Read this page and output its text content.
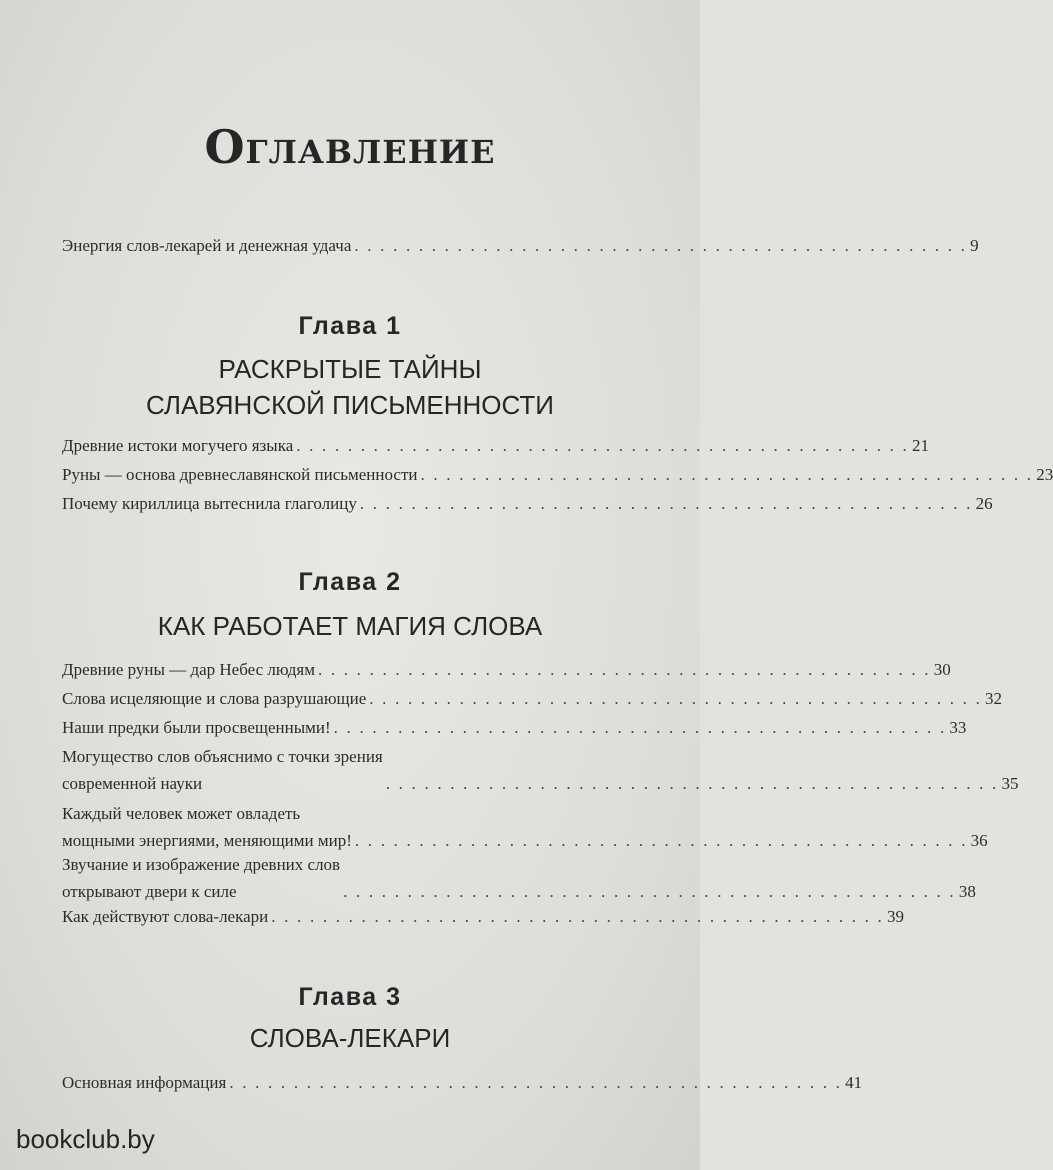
Оглавление
Энергия слов-лекарей и денежная удача . . . . . . . . . . . . . . . . . . . . . . . . . . . . . . . . . . . . . . . . . . . . . . . . 9
Глава 1
РАСКРЫТЫЕ ТАЙНЫ
СЛАВЯНСКОЙ ПИСЬМЕННОСТИ
Древние истоки могучего языка . . . . . . . . . . . . . . . . . . . . . . . . . . . . . . . . . . . . . . . . . . . . . . . . 21
Руны — основа древнеславянской письменности . . . . . . . . . . . . . . . . . . . . . . . . . . . . . . . . . . . . . . . . . . . . . . . . 23
Почему кириллица вытеснила глаголицу . . . . . . . . . . . . . . . . . . . . . . . . . . . . . . . . . . . . . . . . . . . . . . . . 26
Глава 2
КАК РАБОТАЕТ МАГИЯ СЛОВА
Древние руны — дар Небес людям . . . . . . . . . . . . . . . . . . . . . . . . . . . . . . . . . . . . . . . . . . . . . . . . 30
Слова исцеляющие и слова разрушающие . . . . . . . . . . . . . . . . . . . . . . . . . . . . . . . . . . . . . . . . . . . . . . . . 32
Наши предки были просвещенными! . . . . . . . . . . . . . . . . . . . . . . . . . . . . . . . . . . . . . . . . . . . . . . . . 33
Могущество слов объяснимо с точки зрения
современной науки	. . . . . . . . . . . . . . . . . . . . . . . . . . . . . . . . . . . . . . . . . . . . . . . . 35
Каждый человек может овладеть
мощными энергиями, меняющими мир! . . . . . . . . . . . . . . . . . . . . . . . . . . . . . . . . . . . . . . . . . . . . . . . . 36
Звучание и изображение древних слов
открывают двери к силе	. . . . . . . . . . . . . . . . . . . . . . . . . . . . . . . . . . . . . . . . . . . . . . . . 38
Как действуют слова-лекари . . . . . . . . . . . . . . . . . . . . . . . . . . . . . . . . . . . . . . . . . . . . . . . . 39
Глава 3
СЛОВА-ЛЕКАРИ
Основная информация . . . . . . . . . . . . . . . . . . . . . . . . . . . . . . . . . . . . . . . . . . . . . . . . 41
bookclub.by
